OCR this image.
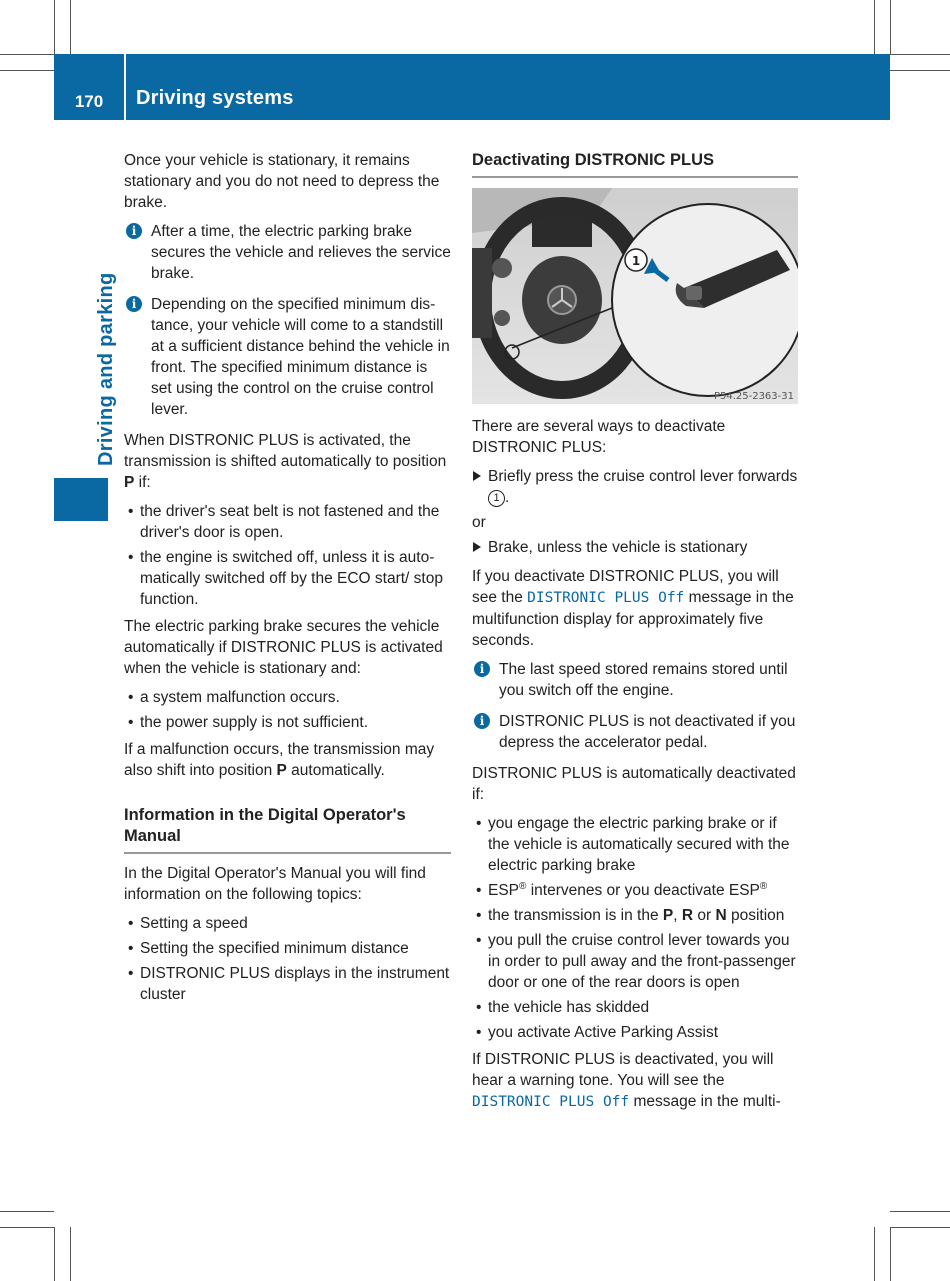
170	Driving systems
Driving and parking

Once your vehicle is stationary, it remains stationary and you do not need to depress the brake.

i After a time, the electric parking brake secures the vehicle and relieves the service brake.
i Depending on the specified minimum distance, your vehicle will come to a standstill at a sufficient distance behind the vehicle in front. The specified minimum distance is set using the control on the cruise control lever.

When DISTRONIC PLUS is activated, the transmission is shifted automatically to position P if:

• the driver's seat belt is not fastened and the driver's door is open.
• the engine is switched off, unless it is automatically switched off by the ECO start/ stop function.

The electric parking brake secures the vehicle automatically if DISTRONIC PLUS is activated when the vehicle is stationary and:

• a system malfunction occurs.
• the power supply is not sufficient.

If a malfunction occurs, the transmission may also shift into position P automatically.

Information in the Digital Operator's Manual

In the Digital Operator's Manual you will find information on the following topics:

• Setting a speed
• Setting the specified minimum distance
• DISTRONIC PLUS displays in the instrument cluster
Deactivating DISTRONIC PLUS
1
P54.25-2363-31

There are several ways to deactivate DISTRONIC PLUS:

Briefly press the cruise control lever forwards 1 .

or

Brake, unless the vehicle is stationary

If you deactivate DISTRONIC PLUS, you will see the DISTRONIC PLUS Off message in the multifunction display for approximately five seconds.

i The last speed stored remains stored until you switch off the engine.
i DISTRONIC PLUS is not deactivated if you depress the accelerator pedal.

DISTRONIC PLUS is automatically deactivated if:

• you engage the electric parking brake or if the vehicle is automatically secured with the electric parking brake
• ESP® intervenes or you deactivate ESP®
• the transmission is in the P, R or N position
• you pull the cruise control lever towards you in order to pull away and the front-passenger door or one of the rear doors is open
• the vehicle has skidded
• you activate Active Parking Assist

If DISTRONIC PLUS is deactivated, you will hear a warning tone. You will see the DISTRONIC PLUS Off message in the multi-
